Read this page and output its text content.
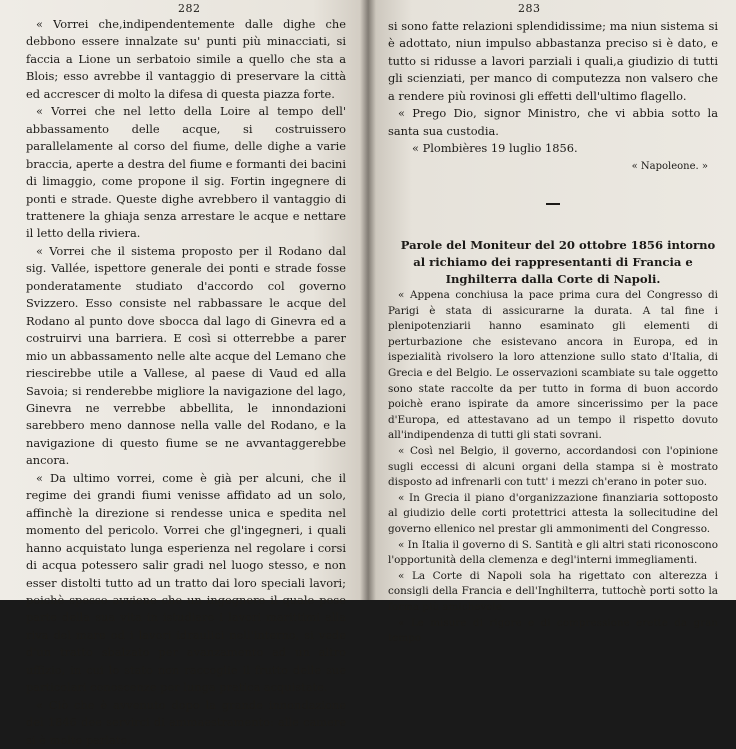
282

« Vorrei che,indipendentemente dalle dighe che debbono essere innalzate su' punti più minacciati, si faccia a Lione un serbatoio simile a quello che sta a Blois; esso avrebbe il vantaggio di preservare la città ed accrescer di molto la difesa di questa piazza forte.

« Vorrei che nel letto della Loire al tempo dell' abbassamento delle acque, si costruissero parallelamente al corso del fiume, delle dighe a varie braccia, aperte a destra del fiume e formanti dei bacini di limaggio, come propone il sig. Fortin ingegnere di ponti e strade. Queste dighe avrebbero il vantaggio di trattenere la ghiaja senza arrestare le acque e nettare il letto della riviera.

« Vorrei che il sistema proposto per il Rodano dal sig. Vallée, ispettore generale dei ponti e strade fosse ponderatamente studiato d'accordo col governo Svizzero. Esso consiste nel rabbassare le acque del Rodano al punto dove sbocca dal lago di Ginevra ed a costruirvi una barriera. E così si otterrebbe a parer mio un abbassamento nelle alte acque del Lemano che riescirebbe utile a Vallese, al paese di Vaud ed alla Savoia; si renderebbe migliore la navigazione del lago, Ginevra ne verrebbe abbellita, le innondazioni sarebbero meno dannose nella valle del Rodano, e la navigazione di questo fiume se ne avvantaggerebbe ancora.

« Da ultimo vorrei, come è già per alcuni, che il regime dei grandi fiumi venisse affidato ad un solo, affinchè la direzione si rendesse unica e spedita nel momento del pericolo. Vorrei che gl'ingegneri, i quali hanno acquistato lunga esperienza nel regolare i corsi di acqua potessero salir gradi nel luogo stesso, e non esser distolti tutto ad un tratto dai loro speciali lavori; poichè spesso avviene che un ingegnere il quale pose parte della sua vita in istudiare i lavori marittimi alla riva del mare od i lavori idraulici nell'interno, si vede d'un tratto sbalzato per avanzamento ad un altro uffizio, in cui lo stato non raccoglie il frutto delle sue particolari conoscenze per lunga pratica acquistate.

« Ciò che è avvenuto dopo la grande innondazione del 1846 dee servirci di ammaestramento: alle camere si è molto parlato,

283

si sono fatte relazioni splendidissime; ma niun sistema si è adottato, niun impulso abbastanza preciso si è dato, e tutto si ridusse a lavori parziali i quali,a giudizio di tutti gli scienziati, per manco di computezza non valsero che a rendere più rovinosi gli effetti dell'ultimo flagello.

« Prego Dio, signor Ministro, che vi abbia sotto la santa sua custodia.

« Plombières 19 luglio 1856.

« Napoleone. »

Parole del Moniteur del 20 ottobre 1856 intorno al richiamo dei rappresentanti di Francia e Inghilterra dalla Corte di Napoli.

« Appena conchiusa la pace prima cura del Congresso di Parigi è stata di assicurarne la durata. A tal fine i plenipotenziarii hanno esaminato gli elementi di perturbazione che esistevano ancora in Europa, ed in ispezialità rivolsero la loro attenzione sullo stato d'Italia, di Grecia e del Belgio. Le osservazioni scambiate su tale oggetto sono state raccolte da per tutto in forma di buon accordo poichè erano ispirate da amore sincerissimo per la pace d'Europa, ed attestavano ad un tempo il rispetto dovuto all'indipendenza di tutti gli stati sovrani.

« Così nel Belgio, il governo, accordandosi con l'opinione sugli eccessi di alcuni organi della stampa si è mostrato disposto ad infrenarli con tutt' i mezzi ch'erano in poter suo.

« In Grecia il piano d'organizzazione finanziaria sottoposto al giudizio delle corti protettrici attesta la sollecitudine del governo ellenico nel prestar gli ammonimenti del Congresso.

« In Italia il governo di S. Santità e gli altri stati riconoscono l'opportunità della clemenza e degl'interni immegliamenti.

« La Corte di Napoli sola ha rigettato con alterezza i consigli della Francia e dell'Inghilterra, tuttochè porti sotto la forma più amichevole.

« Le misure di rigore e di compressione erette da gran tempo
